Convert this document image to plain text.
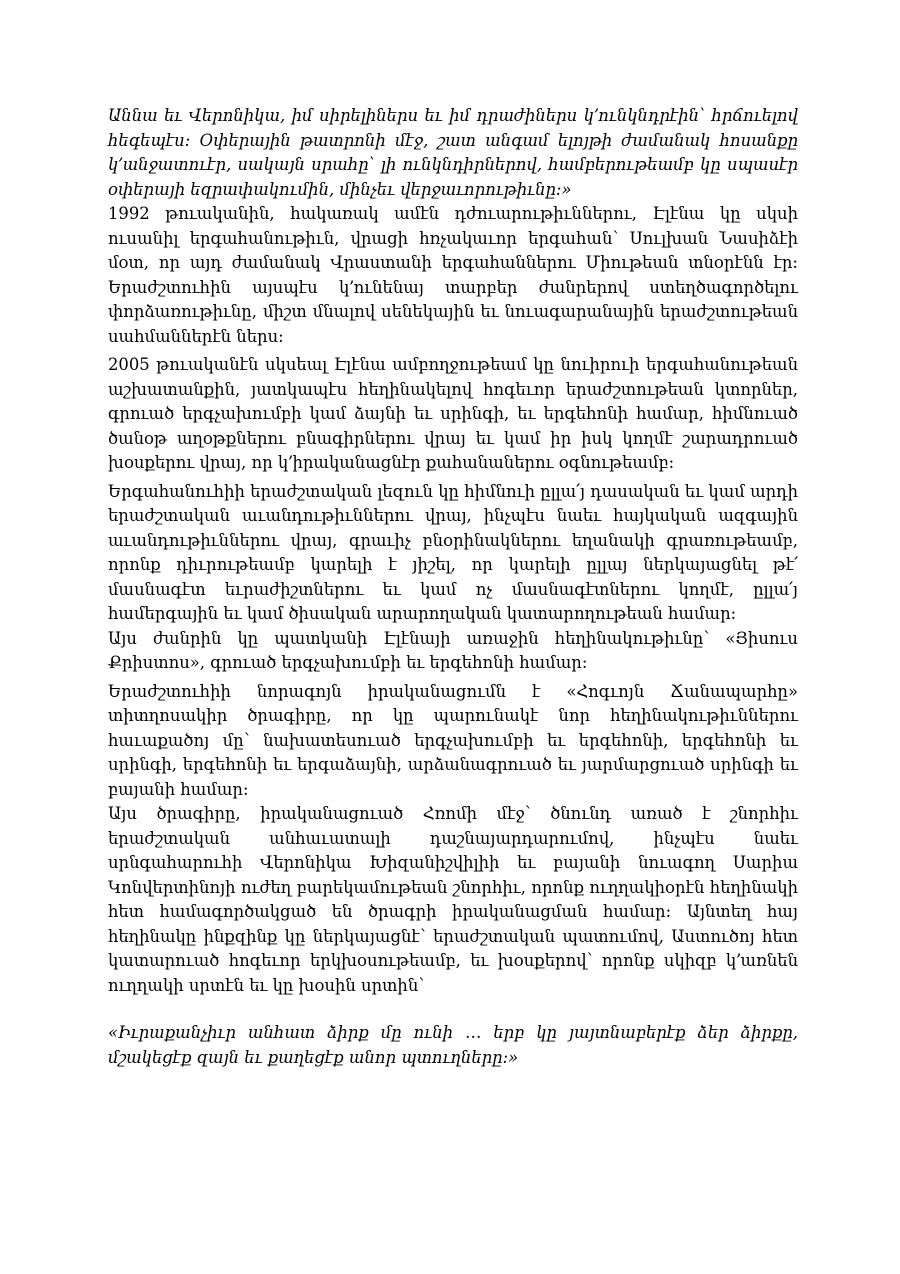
Աննա եւ Վերոնիկա, իմ սիրելիներս եւ իմ դրաժիներս կ՚ունկնդրէին՝ հրճուելով հեգեպէս։ Օփերային թատրոնի մէջ, շատ անգամ ելոյթի ժամանակ հոսանքը կ՚անջատուէր, սակայն սրահը՝ լի ունկնդիրներով, համբերութեամբ կը սպասէր օփերայի եզրափակումին, մինչեւ վերջաւորութիւնը։»

1992 թուականին, հակառակ ամէն դժուարութիւններու, Էլէնա կը սկսի ուսանիլ երգահանութիւն, վրացի հռչակաւոր երգահան՝ Սուլխան Նասիձէի մօտ, որ այդ ժամանակ Վրաստանի երգահաններու Միութեան տնօրէնն էր։ Երաժշտուհին այսպէս կ՚ունենայ տարբեր ժանրերով ստեղծագործելու փորձառութիւնը, միշտ մնալով սենեկային եւ նուագարանային երաժշտութեան սահմաններէն ներս։

2005 թուականէն սկսեալ Էլէնա ամբողջութեամ կը նուիրուի երգահանութեան աշխատանքին, յատկապէս հեղինակելով հոգեւոր երաժշտութեան կտորներ, գրուած երգչախումբի կամ ձայնի եւ սրինգի, եւ երգեհոնի համար, հիմնուած ծանօթ աղօթքներու բնագիրներու վրայ եւ կամ իր իսկ կողմէ շարադրուած խօսքերու վրայ, որ կ՚իրականացնէր քահանաներու օգնութեամբ։

Երգահանուհիի երաժշտական լեզուն կը հիմնուի ըլլա՛յ դասական եւ կամ արդի երաժշտական աւանդութիւններու վրայ, ինչպէս նաեւ հայկական ազգային աւանդութիւններու վրայ, գրաւիչ բնօրինակներու եղանակի գրառութեամբ, որոնք դիւրութեամբ կարելի է յիշել, որ կարելի ըլլայ ներկայացնել թէ՛ մասնագէտ եւրաժիշտներու եւ կամ ոչ մասնագէտներու կողմէ, ըլլա՛յ համերգային եւ կամ ծիսական արարողական կատարողութեան համար։

Այս ժանրին կը պատկանի Էլէնայի առաջին հեղինակութիւնը՝ «Յիսուս Քրիստոս», գրուած երգչախումբի եւ երգեհոնի համար։

Երաժշտուհիի նորագոյն իրականացումն է «Հոգւոյն Ճանապարհը» տիտղոսակիր ծրագիրը, որ կը պարունակէ նոր հեղինակութիւններու հաւաքածոյ մը՝ նախատեսուած երգչախումբի եւ երգեհոնի, երգեհոնի եւ սրինգի, երգեհոնի եւ երգաձայնի, արձանագրուած եւ յարմարցուած սրինգի եւ բայանի համար։

Այս ծրագիրը, իրականացուած Հռոմի մէջ՝ ծնունդ առած է շնորհիւ երաժշտական անհաւատալի դաշնայարդարումով, ինչպէս նաեւ սրնգահարուհի Վերոնիկա Խիզանիշվիլիի եւ բայանի նուագող Սարիա Կոնվերտինոյի ուժեղ բարեկամութեան շնորհիւ, որոնք ուղղակիօրէն հեղինակի հետ համագործակցած են ծրագրի իրականացման համար։ Այնտեղ հայ հեղինակը ինքզինք կը ներկայացնէ՝ երաժշտական պատումով, Աստուծոյ հետ կատարուած հոգեւոր երկխօսութեամբ, եւ խօսքերով՝ որոնք սկիզբ կ՚առնեն ուղղակի սրտէն եւ կը խօսին սրտին՝

«Իւրաքանչիւր անհատ ձիրք մը ունի … երբ կը յայտնաբերէք ձեր ձիրքը, մշակեցէք զայն եւ քաղեցէք անոր պտուղները։»
